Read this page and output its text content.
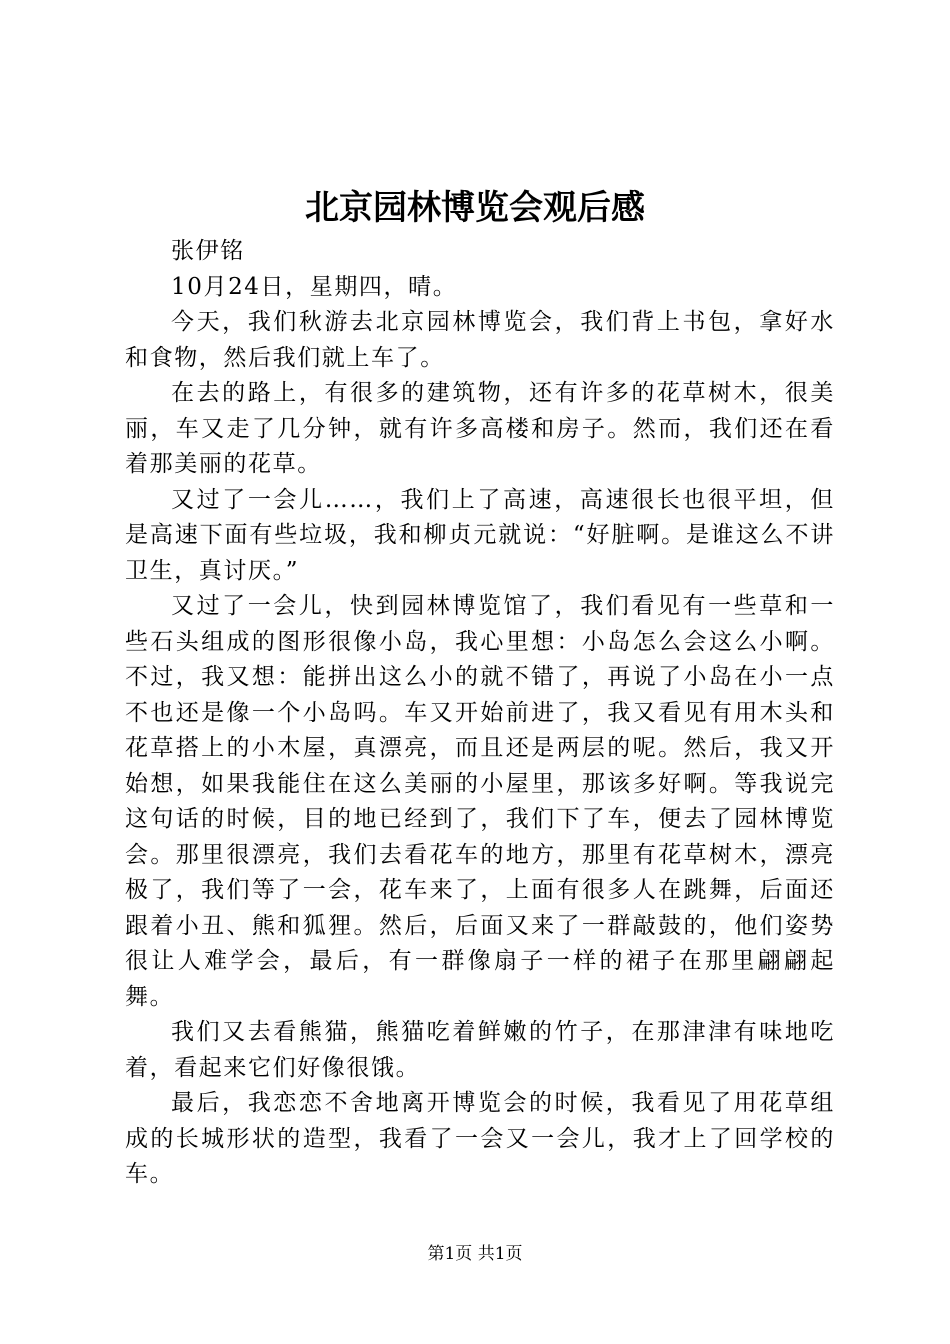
北京园林博览会观后感

张伊铭

10月24日，星期四，晴。

今天，我们秋游去北京园林博览会，我们背上书包，拿好水和食物，然后我们就上车了。

在去的路上，有很多的建筑物，还有许多的花草树木，很美丽，车又走了几分钟，就有许多高楼和房子。然而，我们还在看着那美丽的花草。

又过了一会儿……，我们上了高速，高速很长也很平坦，但是高速下面有些垃圾，我和柳贞元就说：“好脏啊。是谁这么不讲卫生，真讨厌。”

又过了一会儿，快到园林博览馆了，我们看见有一些草和一些石头组成的图形很像小岛，我心里想：小岛怎么会这么小啊。不过，我又想：能拼出这么小的就不错了，再说了小岛在小一点不也还是像一个小岛吗。车又开始前进了，我又看见有用木头和花草搭上的小木屋，真漂亮，而且还是两层的呢。然后，我又开始想，如果我能住在这么美丽的小屋里，那该多好啊。等我说完这句话的时候，目的地已经到了，我们下了车，便去了园林博览会。那里很漂亮，我们去看花车的地方，那里有花草树木，漂亮极了，我们等了一会，花车来了，上面有很多人在跳舞，后面还跟着小丑、熊和狐狸。然后，后面又来了一群敲鼓的，他们姿势很让人难学会，最后，有一群像扇子一样的裙子在那里翩翩起舞。

我们又去看熊猫，熊猫吃着鲜嫩的竹子，在那津津有味地吃着，看起来它们好像很饿。

最后，我恋恋不舍地离开博览会的时候，我看见了用花草组成的长城形状的造型，我看了一会又一会儿，我才上了回学校的车。

第1页 共1页
